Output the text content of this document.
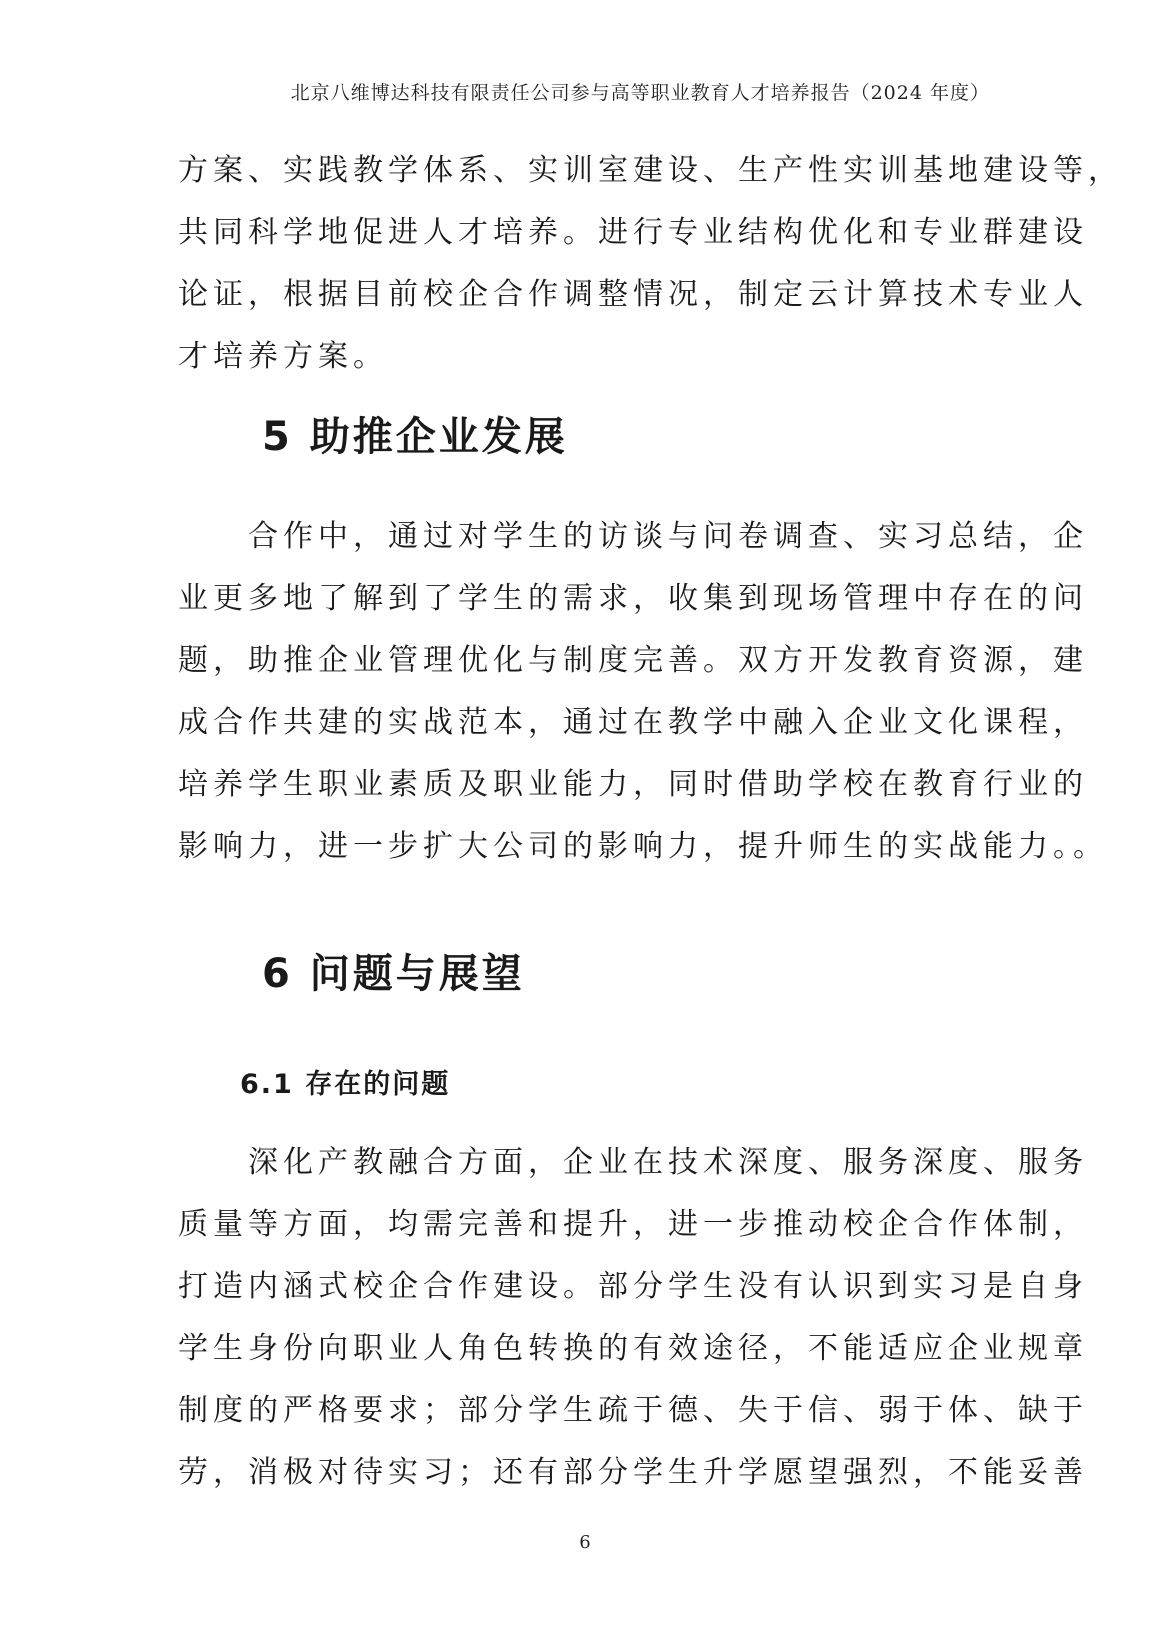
北京八维博达科技有限责任公司参与高等职业教育人才培养报告（2024 年度）
方案、实践教学体系、实训室建设、生产性实训基地建设等，
共同科学地促进人才培养。进行专业结构优化和专业群建设
论证，根据目前校企合作调整情况，制定云计算技术专业人
才培养方案。
5 助推企业发展
　　合作中，通过对学生的访谈与问卷调查、实习总结，企
业更多地了解到了学生的需求，收集到现场管理中存在的问
题，助推企业管理优化与制度完善。双方开发教育资源，建
成合作共建的实战范本，通过在教学中融入企业文化课程，
培养学生职业素质及职业能力，同时借助学校在教育行业的
影响力，进一步扩大公司的影响力，提升师生的实战能力。。
6 问题与展望
6.1 存在的问题
　　深化产教融合方面，企业在技术深度、服务深度、服务
质量等方面，均需完善和提升，进一步推动校企合作体制，
打造内涵式校企合作建设。部分学生没有认识到实习是自身
学生身份向职业人角色转换的有效途径，不能适应企业规章
制度的严格要求；部分学生疏于德、失于信、弱于体、缺于
劳，消极对待实习；还有部分学生升学愿望强烈，不能妥善
6
